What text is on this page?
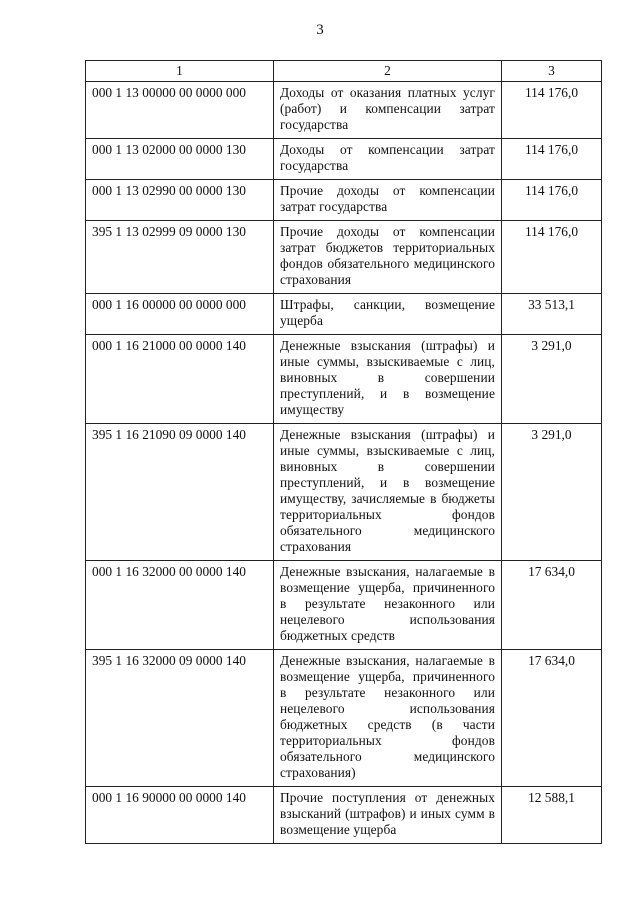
3
1	2	3
000 1 13 00000 00 0000 000	Доходы от оказания платных услуг (работ) и компенсации затрат государства	114 176,0
000 1 13 02000 00 0000 130	Доходы от компенсации затрат государства	114 176,0
000 1 13 02990 00 0000 130	Прочие доходы от компенсации затрат государства	114 176,0
395 1 13 02999 09 0000 130	Прочие доходы от компенсации затрат бюджетов территориальных фондов обязательного медицинского страхования	114 176,0
000 1 16 00000 00 0000 000	Штрафы, санкции, возмещение ущерба	33 513,1
000 1 16 21000 00 0000 140	Денежные взыскания (штрафы) и иные суммы, взыскиваемые с лиц, виновных в совершении преступлений, и в возмещение имуществу	3 291,0
395 1 16 21090 09 0000 140	Денежные взыскания (штрафы) и иные суммы, взыскиваемые с лиц, виновных в совершении преступлений, и в возмещение имуществу, зачисляемые в бюджеты территориальных фондов обязательного медицинского страхования	3 291,0
000 1 16 32000 00 0000 140	Денежные взыскания, налагаемые в возмещение ущерба, причиненного в результате незаконного или нецелевого использования бюджетных средств	17 634,0
395 1 16 32000 09 0000 140	Денежные взыскания, налагаемые в возмещение ущерба, причиненного в результате незаконного или нецелевого использования бюджетных средств (в части территориальных фондов обязательного медицинского страхования)	17 634,0
000 1 16 90000 00 0000 140	Прочие поступления от денежных взысканий (штрафов) и иных сумм в возмещение ущерба	12 588,1
